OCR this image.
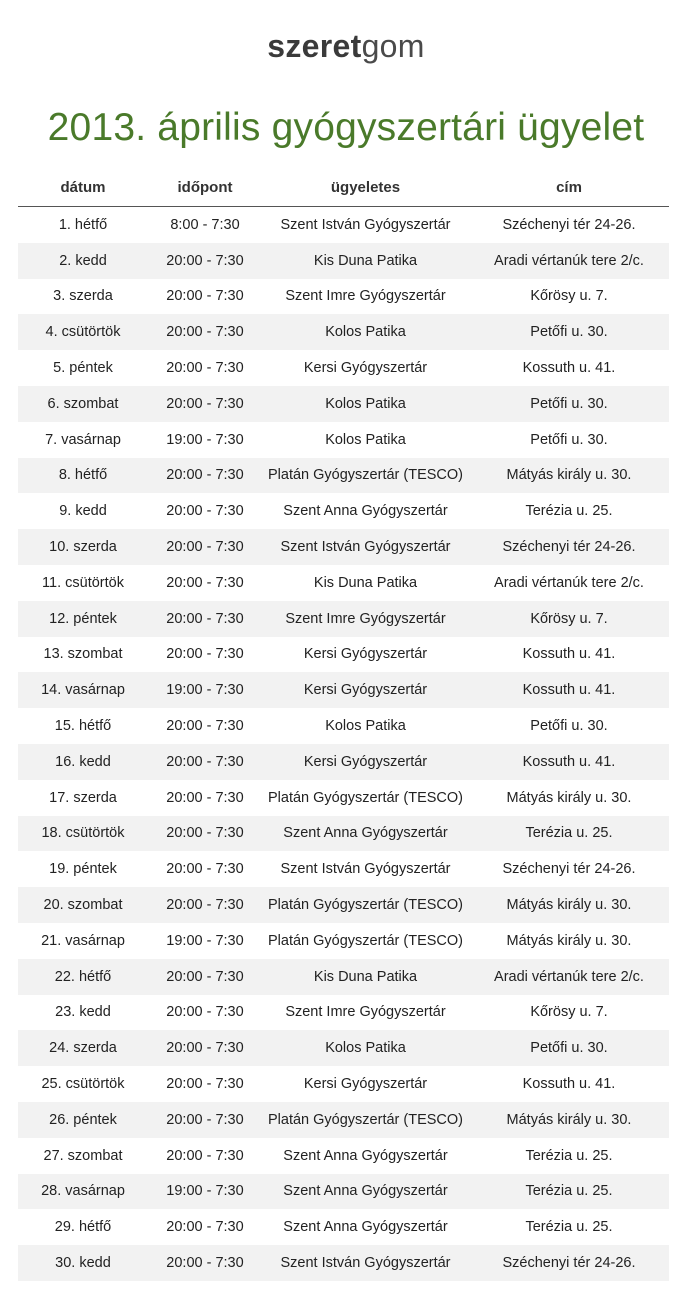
szeretgom
2013. április gyógyszertári ügyelet
dátum	időpont	ügyeletes	cím
1. hétfő	8:00 - 7:30	Szent István Gyógyszertár	Széchenyi tér 24-26.
2. kedd	20:00 - 7:30	Kis Duna Patika	Aradi vértanúk tere 2/c.
3. szerda	20:00 - 7:30	Szent Imre Gyógyszertár	Kőrösy u. 7.
4. csütörtök	20:00 - 7:30	Kolos Patika	Petőfi u. 30.
5. péntek	20:00 - 7:30	Kersi Gyógyszertár	Kossuth u. 41.
6. szombat	20:00 - 7:30	Kolos Patika	Petőfi u. 30.
7. vasárnap	19:00 - 7:30	Kolos Patika	Petőfi u. 30.
8. hétfő	20:00 - 7:30	Platán Gyógyszertár (TESCO)	Mátyás király u. 30.
9. kedd	20:00 - 7:30	Szent Anna Gyógyszertár	Terézia u. 25.
10. szerda	20:00 - 7:30	Szent István Gyógyszertár	Széchenyi tér 24-26.
11. csütörtök	20:00 - 7:30	Kis Duna Patika	Aradi vértanúk tere 2/c.
12. péntek	20:00 - 7:30	Szent Imre Gyógyszertár	Kőrösy u. 7.
13. szombat	20:00 - 7:30	Kersi Gyógyszertár	Kossuth u. 41.
14. vasárnap	19:00 - 7:30	Kersi Gyógyszertár	Kossuth u. 41.
15. hétfő	20:00 - 7:30	Kolos Patika	Petőfi u. 30.
16. kedd	20:00 - 7:30	Kersi Gyógyszertár	Kossuth u. 41.
17. szerda	20:00 - 7:30	Platán Gyógyszertár (TESCO)	Mátyás király u. 30.
18. csütörtök	20:00 - 7:30	Szent Anna Gyógyszertár	Terézia u. 25.
19. péntek	20:00 - 7:30	Szent István Gyógyszertár	Széchenyi tér 24-26.
20. szombat	20:00 - 7:30	Platán Gyógyszertár (TESCO)	Mátyás király u. 30.
21. vasárnap	19:00 - 7:30	Platán Gyógyszertár (TESCO)	Mátyás király u. 30.
22. hétfő	20:00 - 7:30	Kis Duna Patika	Aradi vértanúk tere 2/c.
23. kedd	20:00 - 7:30	Szent Imre Gyógyszertár	Kőrösy u. 7.
24. szerda	20:00 - 7:30	Kolos Patika	Petőfi u. 30.
25. csütörtök	20:00 - 7:30	Kersi Gyógyszertár	Kossuth u. 41.
26. péntek	20:00 - 7:30	Platán Gyógyszertár (TESCO)	Mátyás király u. 30.
27. szombat	20:00 - 7:30	Szent Anna Gyógyszertár	Terézia u. 25.
28. vasárnap	19:00 - 7:30	Szent Anna Gyógyszertár	Terézia u. 25.
29. hétfő	20:00 - 7:30	Szent Anna Gyógyszertár	Terézia u. 25.
30. kedd	20:00 - 7:30	Szent István Gyógyszertár	Széchenyi tér 24-26.
